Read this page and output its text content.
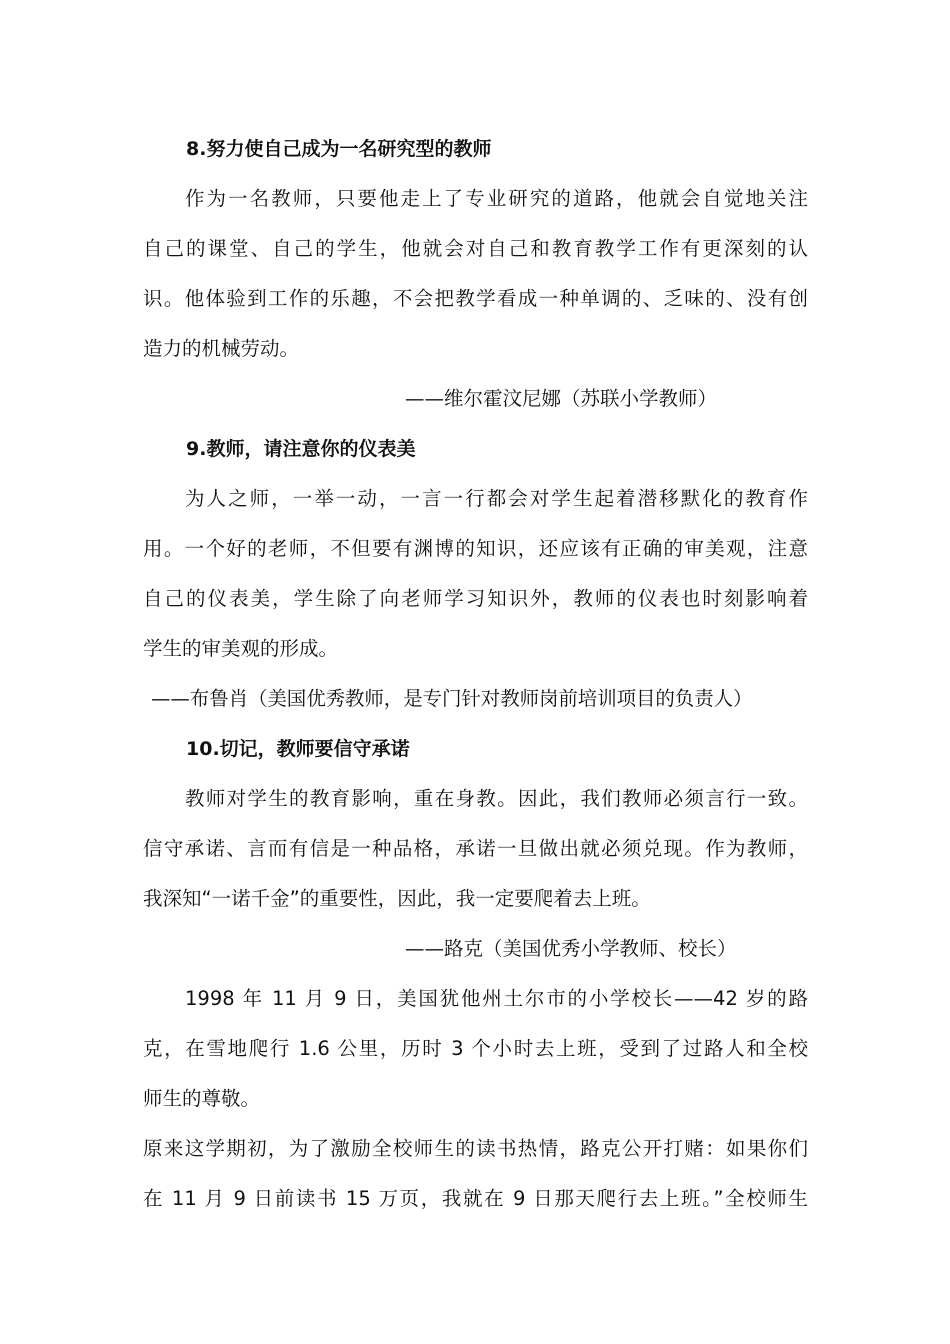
8.努力使自己成为一名研究型的教师
作为一名教师，只要他走上了专业研究的道路，他就会自觉地关注
自己的课堂、自己的学生，他就会对自己和教育教学工作有更深刻的认
识。他体验到工作的乐趣，不会把教学看成一种单调的、乏味的、没有创
造力的机械劳动。
——维尔霍汶尼娜（苏联小学教师）
9.教师，请注意你的仪表美
为人之师，一举一动，一言一行都会对学生起着潜移默化的教育作
用。一个好的老师，不但要有渊博的知识，还应该有正确的审美观，注意
自己的仪表美，学生除了向老师学习知识外，教师的仪表也时刻影响着
学生的审美观的形成。
——布鲁肖（美国优秀教师，是专门针对教师岗前培训项目的负责人）
10.切记，教师要信守承诺
教师对学生的教育影响，重在身教。因此，我们教师必须言行一致。
信守承诺、言而有信是一种品格，承诺一旦做出就必须兑现。作为教师，
我深知“一诺千金”的重要性，因此，我一定要爬着去上班。
——路克（美国优秀小学教师、校长）
1998 年 11 月 9 日，美国犹他州土尔市的小学校长——42 岁的路
克，在雪地爬行 1.6 公里，历时 3 个小时去上班，受到了过路人和全校
师生的尊敬。
原来这学期初，为了激励全校师生的读书热情，路克公开打赌：如果你们
在 11 月 9 日前读书 15 万页，我就在 9 日那天爬行去上班。”全校师生
